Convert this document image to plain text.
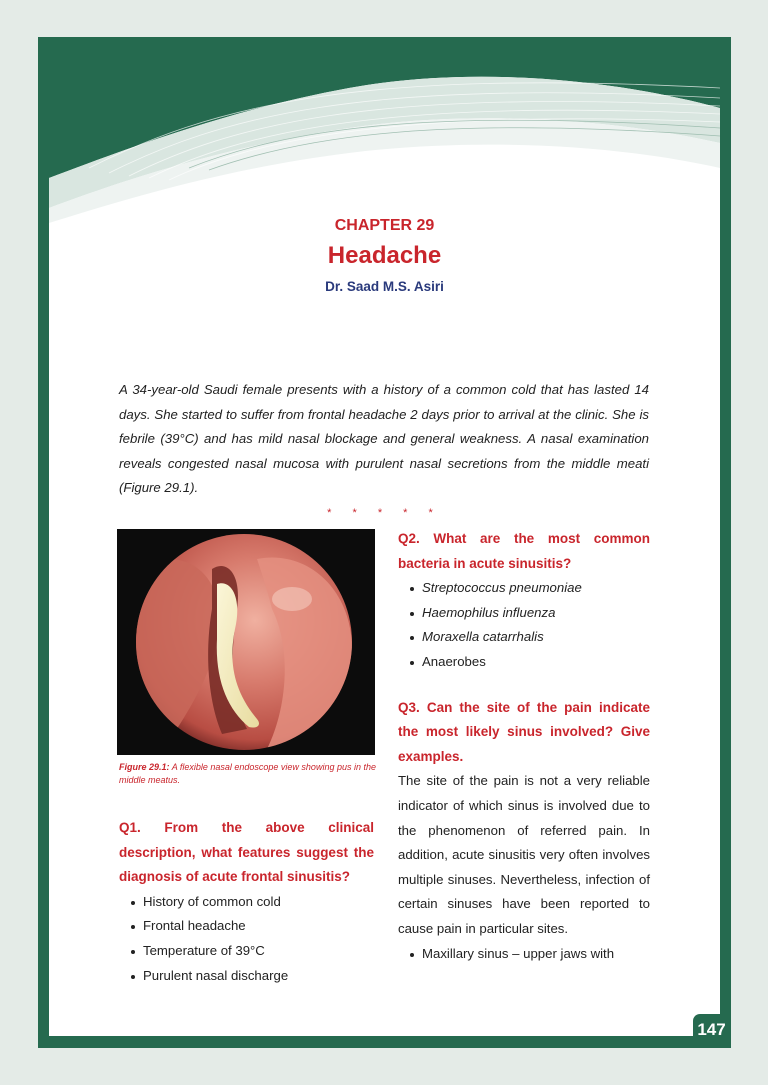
CHAPTER 29
Headache
Dr. Saad M.S. Asiri

A 34-year-old Saudi female presents with a history of a common cold that has lasted 14 days. She started to suffer from frontal headache 2 days prior to arrival at the clinic. She is febrile (39°C) and has mild nasal blockage and general weakness. A nasal examination reveals congested nasal mucosa with purulent nasal secretions from the middle meati (Figure 29.1).

* * * * *

Figure 29.1: A flexible nasal endoscope view showing pus in the middle meatus.

Q1. From the above clinical description, what features suggest the diagnosis of acute frontal sinusitis?

History of common cold
Frontal headache
Temperature of 39°C
Purulent nasal discharge

Q2. What are the most common bacteria in acute sinusitis?

Streptococcus pneumoniae
Haemophilus influenza
Moraxella catarrhalis
Anaerobes

Q3. Can the site of the pain indicate the most likely sinus involved? Give examples.

The site of the pain is not a very reliable indicator of which sinus is involved due to the phenomenon of referred pain. In addition, acute sinusitis very often involves multiple sinuses. Nevertheless, infection of certain sinuses have been reported to cause pain in particular sites.

Maxillary sinus – upper jaws with
147
